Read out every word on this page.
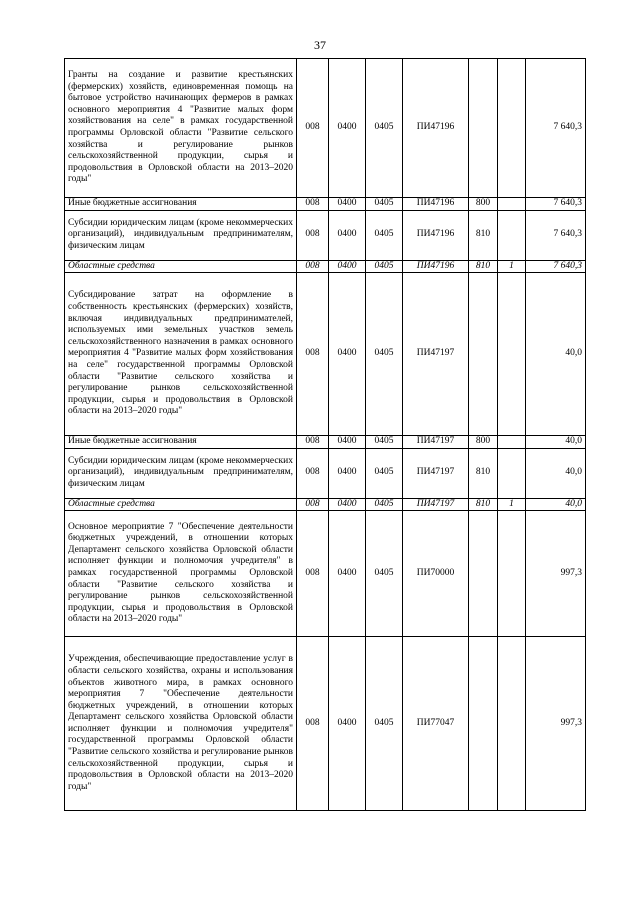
37
Гранты на создание и развитие крестьянских (фермерских) хозяйств, единовременная помощь на бытовое устройство начинающих фермеров в рамках основного мероприятия 4 "Развитие малых форм хозяйствования на селе" в рамках государственной программы Орловской области "Развитие сельского хозяйства и регулирование рынков сельскохозяйственной продукции, сырья и продовольствия в Орловской области на 2013–2020 годы"	008	0400	0405	ПИ47196			7 640,3
Иные бюджетные ассигнования	008	0400	0405	ПИ47196	800		7 640,3
Субсидии юридическим лицам (кроме некоммерческих организаций), индивидуальным предпринимателям, физическим лицам	008	0400	0405	ПИ47196	810		7 640,3
Областные средства	008	0400	0405	ПИ47196	810	1	7 640,3
Субсидирование затрат на оформление в собственность крестьянских (фермерских) хозяйств, включая индивидуальных предпринимателей, используемых ими земельных участков земель сельскохозяйственного назначения в рамках основного мероприятия 4 "Развитие малых форм хозяйствования на селе" государственной программы Орловской области "Развитие сельского хозяйства и регулирование рынков сельскохозяйственной продукции, сырья и продовольствия в Орловской области на 2013–2020 годы"	008	0400	0405	ПИ47197			40,0
Иные бюджетные ассигнования	008	0400	0405	ПИ47197	800		40,0
Субсидии юридическим лицам (кроме некоммерческих организаций), индивидуальным предпринимателям, физическим лицам	008	0400	0405	ПИ47197	810		40,0
Областные средства	008	0400	0405	ПИ47197	810	1	40,0
Основное мероприятие 7 "Обеспечение деятельности бюджетных учреждений, в отношении которых Департамент сельского хозяйства Орловской области исполняет функции и полномочия учредителя" в рамках государственной программы Орловской области "Развитие сельского хозяйства и регулирование рынков сельскохозяйственной продукции, сырья и продовольствия в Орловской области на 2013–2020 годы"	008	0400	0405	ПИ70000			997,3
Учреждения, обеспечивающие предоставление услуг в области сельского хозяйства, охраны и использования объектов животного мира, в рамках основного мероприятия 7 "Обеспечение деятельности бюджетных учреждений, в отношении которых Департамент сельского хозяйства Орловской области исполняет функции и полномочия учредителя" государственной программы Орловской области "Развитие сельского хозяйства и регулирование рынков сельскохозяйственной продукции, сырья и продовольствия в Орловской области на 2013–2020 годы"	008	0400	0405	ПИ77047			997,3
